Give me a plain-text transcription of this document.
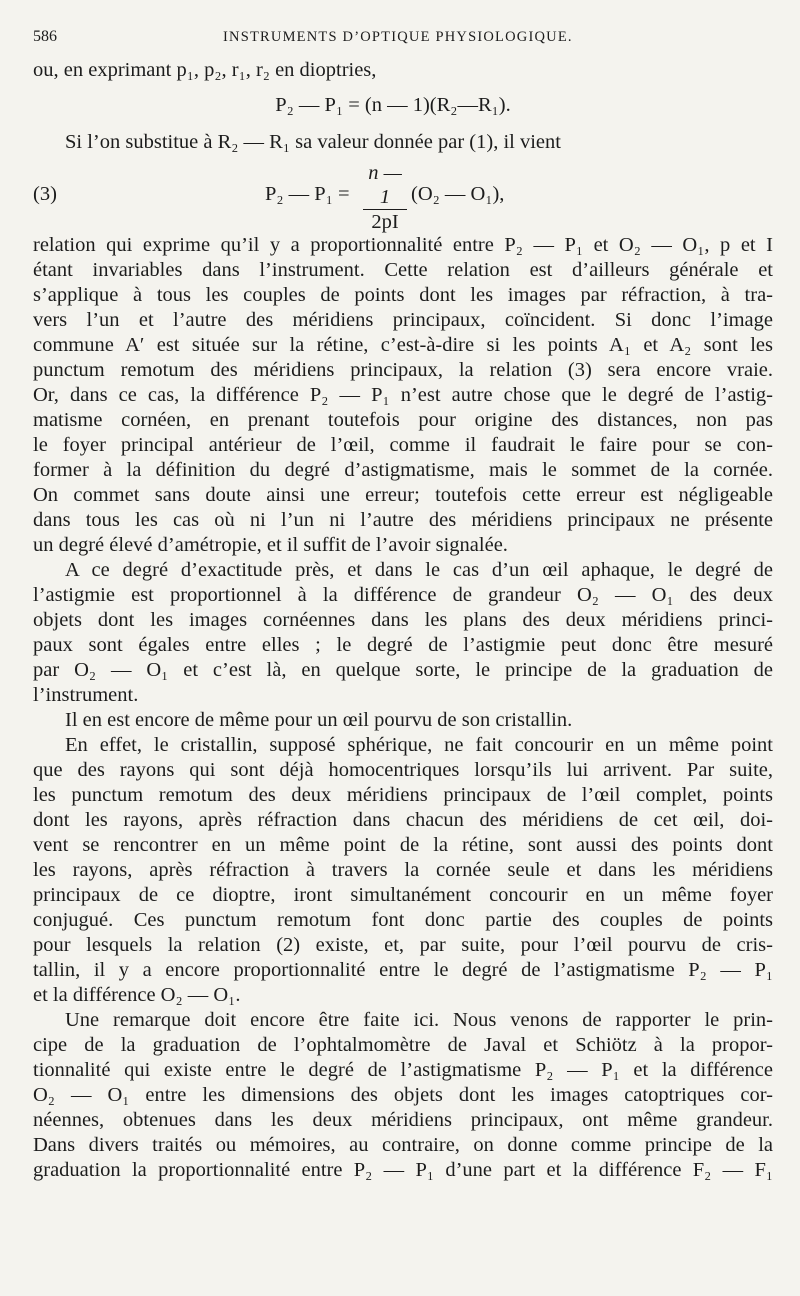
586	INSTRUMENTS D’OPTIQUE PHYSIOLOGIQUE.
ou, en exprimant p₁, p₂, r₁, r₂ en dioptries,
P₂ — P₁ = (n — 1)(R₂—R₁).
Si l’on substitue à R₂ — R₁ sa valeur donnée par (1), il vient
(3)	P₂ — $P_1 = \frac{n — 1}{2pI} (O_2$ — O₁),
relation qui exprime qu’il y a proportionnalité entre P₂ — P₁ et O₂ — O₁, p et I
étant invariables dans l’instrument. Cette relation est d’ailleurs générale et
s’applique à tous les couples de points dont les images par réfraction, à tra-
vers l’un et l’autre des méridiens principaux, coïncident. Si donc l’image
commune A′ est située sur la rétine, c’est-à-dire si les points A₁ et A₂ sont les
punctum remotum des méridiens principaux, la relation (3) sera encore vraie.
Or, dans ce cas, la différence P₂ — P₁ n’est autre chose que le degré de l’astig-
matisme cornéen, en prenant toutefois pour origine des distances, non pas
le foyer principal antérieur de l’œil, comme il faudrait le faire pour se con-
former à la définition du degré d’astigmatisme, mais le sommet de la cornée.
On commet sans doute ainsi une erreur; toutefois cette erreur est négligeable
dans tous les cas où ni l’un ni l’autre des méridiens principaux ne présente
un degré élevé d’amétropie, et il suffit de l’avoir signalée.
A ce degré d’exactitude près, et dans le cas d’un œil aphaque, le degré de
l’astigmie est proportionnel à la différence de grandeur O₂ — O₁ des deux
objets dont les images cornéennes dans les plans des deux méridiens princi-
paux sont égales entre elles ; le degré de l’astigmie peut donc être mesuré
par O₂ — O₁ et c’est là, en quelque sorte, le principe de la graduation de
l’instrument.
Il en est encore de même pour un œil pourvu de son cristallin.
En effet, le cristallin, supposé sphérique, ne fait concourir en un même point
que des rayons qui sont déjà homocentriques lorsqu’ils lui arrivent. Par suite,
les punctum remotum des deux méridiens principaux de l’œil complet, points
dont les rayons, après réfraction dans chacun des méridiens de cet œil, doi-
vent se rencontrer en un même point de la rétine, sont aussi des points dont
les rayons, après réfraction à travers la cornée seule et dans les méridiens
principaux de ce dioptre, iront simultanément concourir en un même foyer
conjugué. Ces punctum remotum font donc partie des couples de points
pour lesquels la relation (2) existe, et, par suite, pour l’œil pourvu de cris-
tallin, il y a encore proportionnalité entre le degré de l’astigmatisme P₂ — P₁
et la différence O₂ — O₁.
Une remarque doit encore être faite ici. Nous venons de rapporter le prin-
cipe de la graduation de l’ophtalmomètre de Javal et Schiötz à la propor-
tionnalité qui existe entre le degré de l’astigmatisme P₂ — P₁ et la différence
O₂ — O₁ entre les dimensions des objets dont les images catoptriques cor-
néennes, obtenues dans les deux méridiens principaux, ont même grandeur.
Dans divers traités ou mémoires, au contraire, on donne comme principe de la
graduation la proportionnalité entre P₂ — P₁ d’une part et la différence F₂ — F₁
